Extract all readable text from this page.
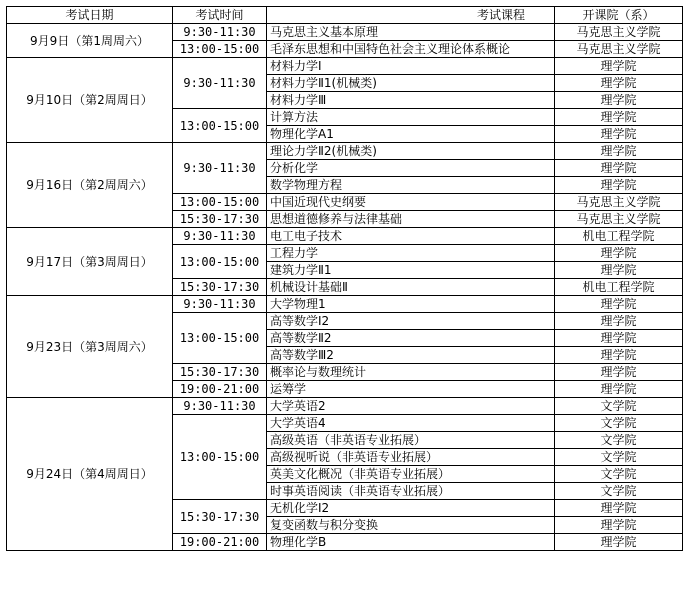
考试日期	考试时间	考试课程	开课院（系）
9月9日（第1周周六）	9:30-11:30	马克思主义基本原理	马克思主义学院
	13:00-15:00	毛泽东思想和中国特色社会主义理论体系概论	马克思主义学院
9月10日（第2周周日）	9:30-11:30	材料力学Ⅰ	理学院
		材料力学Ⅱ1(机械类)	理学院
		材料力学Ⅲ	理学院
	13:00-15:00	计算方法	理学院
		物理化学A1	理学院
9月16日（第2周周六）	9:30-11:30	理论力学Ⅱ2(机械类)	理学院
		分析化学	理学院
		数学物理方程	理学院
	13:00-15:00	中国近现代史纲要	马克思主义学院
	15:30-17:30	思想道德修养与法律基础	马克思主义学院
9月17日（第3周周日）	9:30-11:30	电工电子技术	机电工程学院
	13:00-15:00	工程力学	理学院
		建筑力学Ⅱ1	理学院
	15:30-17:30	机械设计基础Ⅱ	机电工程学院
9月23日（第3周周六）	9:30-11:30	大学物理1	理学院
	13:00-15:00	高等数学Ⅰ2	理学院
		高等数学Ⅱ2	理学院
		高等数学Ⅲ2	理学院
	15:30-17:30	概率论与数理统计	理学院
	19:00-21:00	运筹学	理学院
9月24日（第4周周日）	9:30-11:30	大学英语2	文学院
	13:00-15:00	大学英语4	文学院
		高级英语（非英语专业拓展）	文学院
		高级视听说（非英语专业拓展）	文学院
		英美文化概况（非英语专业拓展）	文学院
		时事英语阅读（非英语专业拓展）	文学院
	15:30-17:30	无机化学Ⅰ2	理学院
		复变函数与积分变换	理学院
	19:00-21:00	物理化学B	理学院
